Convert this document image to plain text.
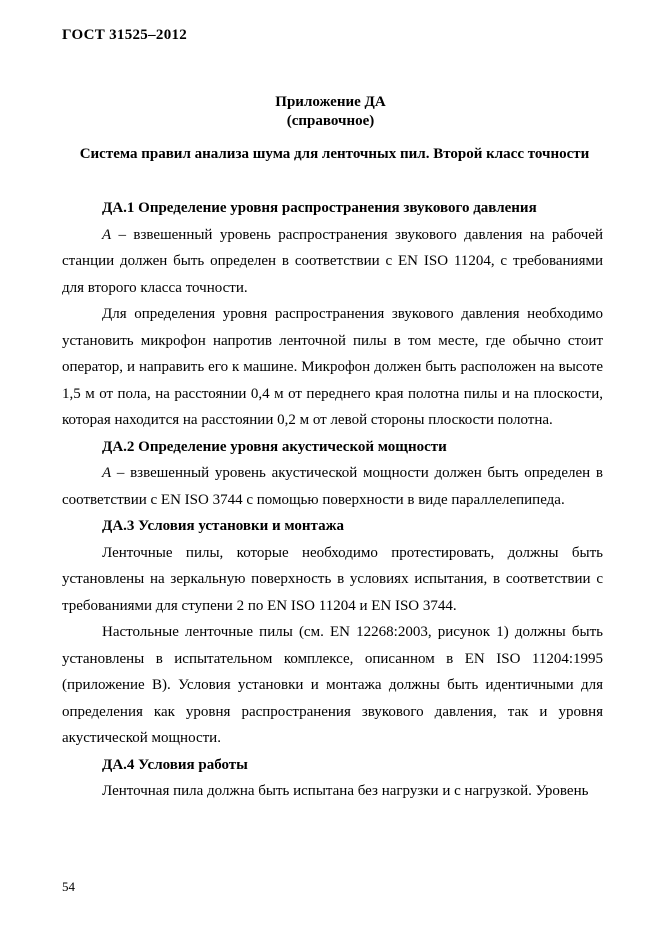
ГОСТ 31525–2012
Приложение ДА
(справочное)
Система правил анализа шума для ленточных пил. Второй класс точности

ДА.1 Определение уровня распространения звукового давления

А – взвешенный уровень распространения звукового давления на рабочей станции должен быть определен в соответствии с EN ISO 11204, с требованиями для второго класса точности.

Для определения уровня распространения звукового давления необходимо установить микрофон напротив ленточной пилы в том месте, где обычно стоит оператор, и направить его к машине. Микрофон должен быть расположен на высоте 1,5 м от пола, на расстоянии 0,4 м от переднего края полотна пилы и на плоскости, которая находится на расстоянии 0,2 м от левой стороны плоскости полотна.

ДА.2 Определение уровня акустической мощности

А – взвешенный уровень акустической мощности должен быть определен в соответствии с EN ISO 3744 с помощью поверхности в виде параллелепипеда.

ДА.3 Условия установки и монтажа

Ленточные пилы, которые необходимо протестировать, должны быть установлены на зеркальную поверхность в условиях испытания, в соответствии с требованиями для ступени 2 по EN ISO 11204 и EN ISO 3744.

Настольные ленточные пилы (см. EN 12268:2003, рисунок 1) должны быть установлены в испытательном комплексе, описанном в EN ISO 11204:1995 (приложение В). Условия установки и монтажа должны быть идентичными для определения как уровня распространения звукового давления, так и уровня акустической мощности.

ДА.4 Условия работы

Ленточная пила должна быть испытана без нагрузки и с нагрузкой. Уровень

54
